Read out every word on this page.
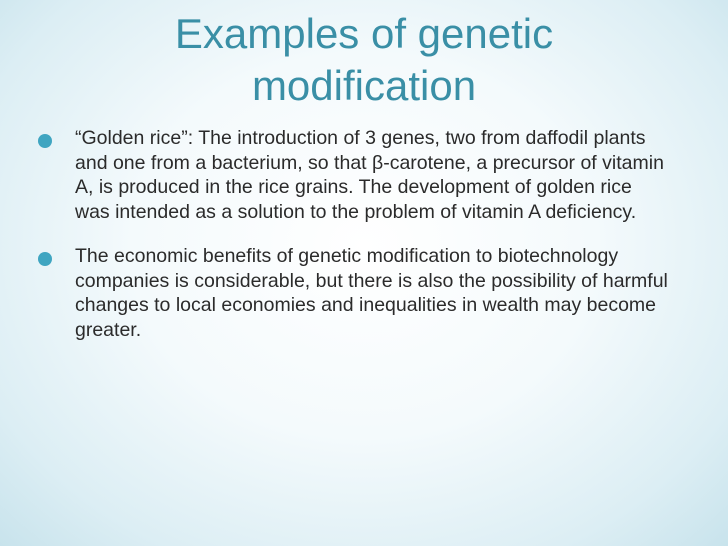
Examples of genetic modification
“Golden rice”: The introduction of 3 genes, two from daffodil plants and one from a bacterium, so that β-carotene, a precursor of vitamin A, is produced in the rice grains. The development of golden rice was intended as a solution to the problem of vitamin A deficiency.
The economic benefits of genetic modification to biotechnology companies is considerable, but there is also the possibility of harmful changes to local economies and inequalities in wealth may become greater.
